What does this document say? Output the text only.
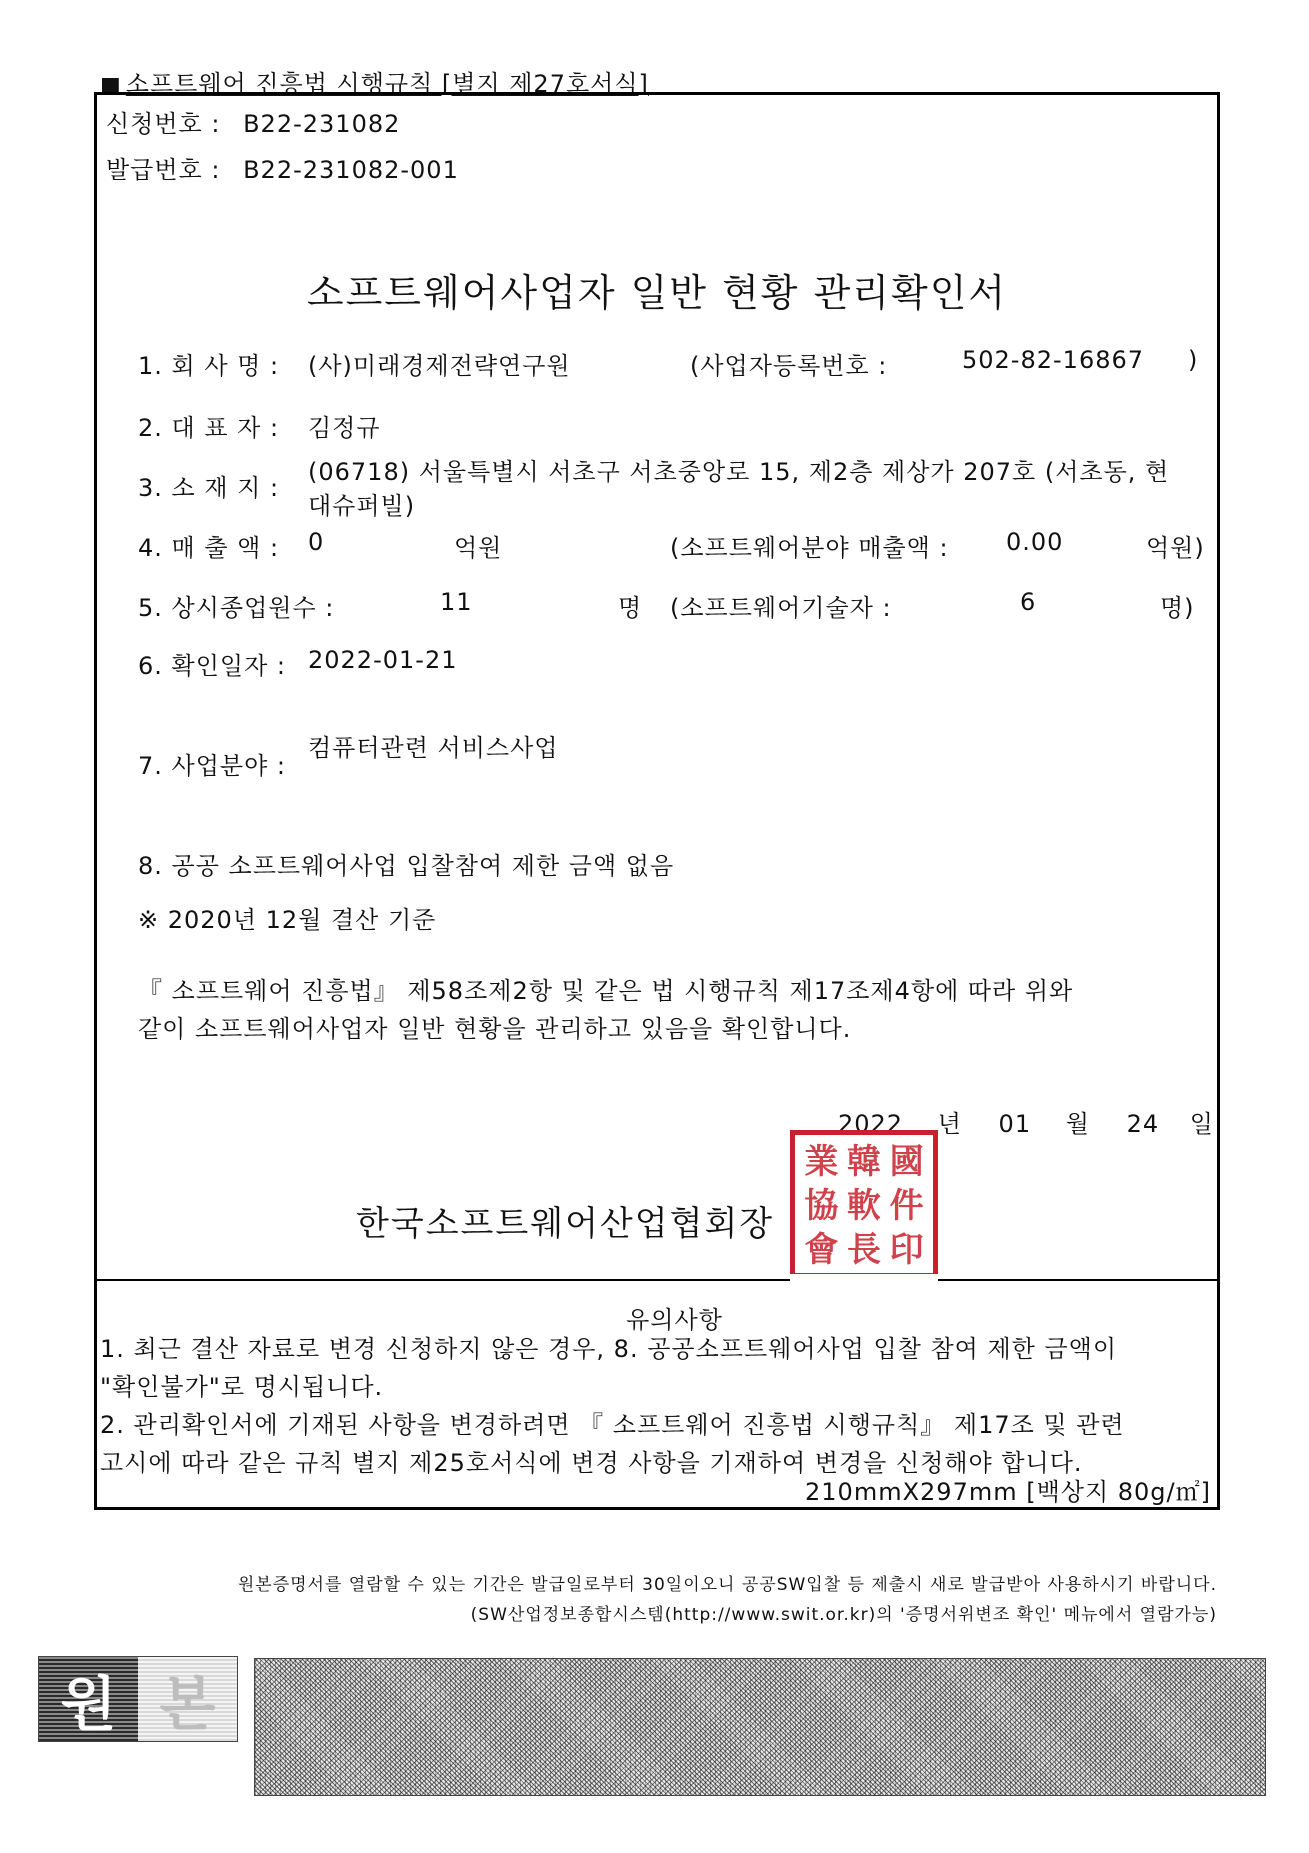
■ 소프트웨어 진흥법 시행규칙 [별지 제27호서식]
신청번호 : B22-231082
발급번호 : B22-231082-001
소프트웨어사업자 일반 현황 관리확인서
1. 회 사 명 : (사)미래경제전략연구원	(사업자등록번호 :	502-82-16867 )
2. 대 표 자 : 김정규
3. 소 재 지 :
(06718) 서울특별시 서초구 서초중앙로 15, 제2층 제상가 207호 (서초동, 현
대슈퍼빌)
4. 매 출 액 : 0	억원	(소프트웨어분야 매출액 : 0.00	억원)
5. 상시종업원수 :	11	명 (소프트웨어기술자 :	6	명)
6. 확인일자 : 2022-01-21
7. 사업분야 :
컴퓨터관련 서비스사업
8. 공공 소프트웨어사업 입찰참여 제한 금액 없음
※ 2020년 12월 결산 기준
『 소프트웨어 진흥법』 제58조제2항 및 같은 법 시행규칙 제17조제4항에 따라 위와
같이 소프트웨어사업자 일반 현황을 관리하고 있음을 확인합니다.
2022 년 01 월 24 일
한국소프트웨어산업협회장
業 韓 國
協 軟 件
會 長 印
유의사항
1. 최근 결산 자료로 변경 신청하지 않은 경우, 8. 공공소프트웨어사업 입찰 참여 제한 금액이
"확인불가"로 명시됩니다.
2. 관리확인서에 기재된 사항을 변경하려면 『 소프트웨어 진흥법 시행규칙』 제17조 및 관련
고시에 따라 같은 규칙 별지 제25호서식에 변경 사항을 기재하여 변경을 신청해야 합니다.
210mmX297mm [백상지 80g/㎡]
원본증명서를 열람할 수 있는 기간은 발급일로부터 30일이오니 공공SW입찰 등 제출시 새로 발급받아 사용하시기 바랍니다.
(SW산업정보종합시스템(http://www.swit.or.kr)의 '증명서위변조 확인' 메뉴에서 열람가능)
원 본
